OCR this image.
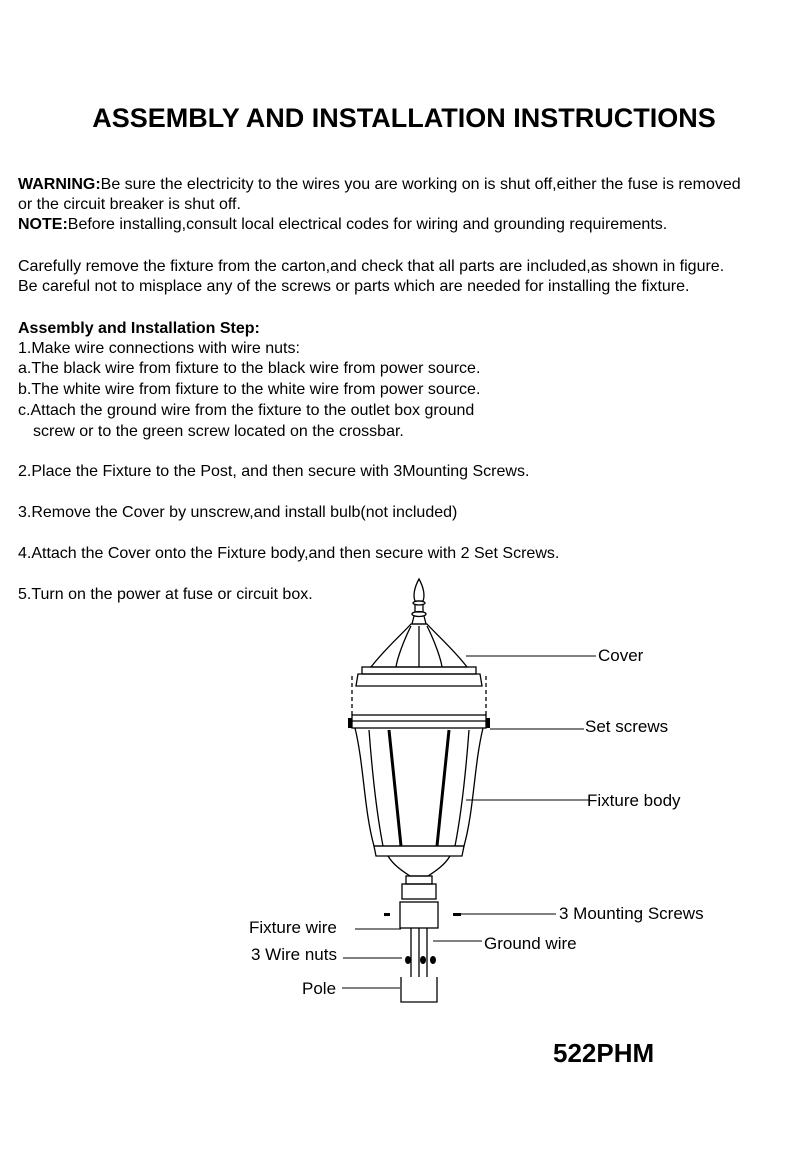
ASSEMBLY AND INSTALLATION INSTRUCTIONS
WARNING:Be sure the electricity to the wires you are working on is shut off,either the fuse is removed
or the circuit breaker is shut off.
NOTE:Before installing,consult local electrical codes for wiring and grounding requirements.
Carefully remove the fixture from the carton,and check that all parts are included,as shown in figure.
Be careful not to misplace any of the screws or parts which are needed for installing the fixture.
Assembly and Installation Step:
1.Make wire connections with wire nuts:
a.The black wire from fixture to the black wire from power source.
b.The white wire from fixture to the white wire from power source.
c.Attach the ground wire from the fixture to the outlet box ground
screw or to the green screw located on the crossbar.
2.Place the Fixture to the Post, and then secure with 3Mounting Screws.
3.Remove the Cover by unscrew,and install bulb(not included)
4.Attach the Cover onto the Fixture body,and then secure with 2 Set Screws.
5.Turn on the power at fuse or circuit box.
Cover
Set screws
Fixture body
3 Mounting Screws
Fixture wire
Ground wire
3 Wire nuts
Pole
522PHM
